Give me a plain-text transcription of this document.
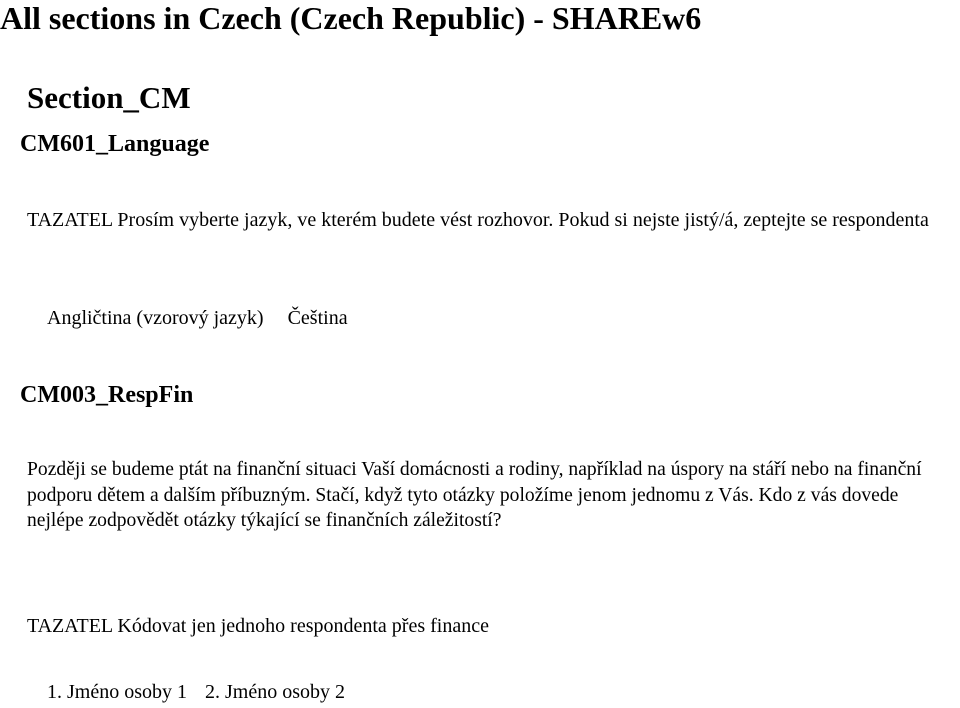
All sections in Czech (Czech Republic) - SHAREw6
Section_CM
CM601_Language

TAZATEL Prosím vyberte jazyk, ve kterém budete vést rozhovor. Pokud si nejste jistý/á, zeptejte se respondenta

Angličtina (vzorový jazyk) Čeština
CM003_RespFin

Později se budeme ptát na finanční situaci Vaší domácnosti a rodiny, například na úspory na stáří nebo na finanční podporu dětem a dalším příbuzným. Stačí, když tyto otázky položíme jenom jednomu z Vás. Kdo z vás dovede nejlépe zodpovědět otázky týkající se finančních záležitostí?

TAZATEL Kódovat jen jednoho respondenta přes finance

1. Jméno osoby 1 2. Jméno osoby 2
